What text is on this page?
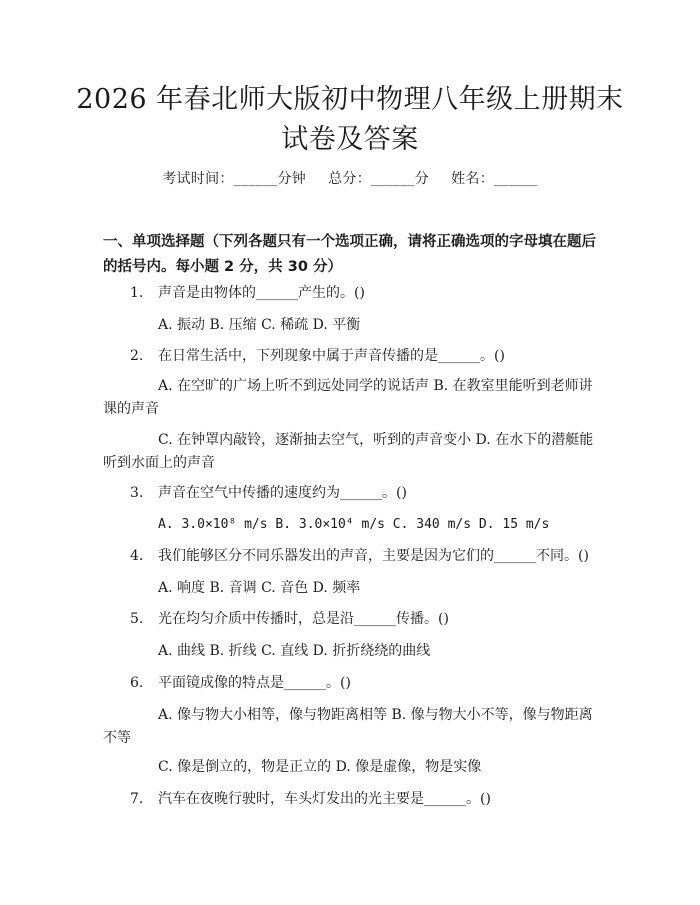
2026 年春北师大版初中物理八年级上册期末
试卷及答案
考试时间：______分钟 总分：______分 姓名：______
一、单项选择题（下列各题只有一个选项正确，请将正确选项的字母填在题后的括号内。每小题 2 分，共 30 分）
1. 声音是由物体的______产生的。()
A. 振动 B. 压缩 C. 稀疏 D. 平衡
2. 在日常生活中，下列现象中属于声音传播的是______。()
A. 在空旷的广场上听不到远处同学的说话声 B. 在教室里能听到老师讲课的声音
C. 在钟罩内敲铃，逐渐抽去空气，听到的声音变小 D. 在水下的潜艇能听到水面上的声音
3. 声音在空气中传播的速度约为______。()
A. 3.0×10⁸ m/s B. 3.0×10⁴ m/s C. 340 m/s D. 15 m/s
4. 我们能够区分不同乐器发出的声音，主要是因为它们的______不同。()
A. 响度 B. 音调 C. 音色 D. 频率
5. 光在均匀介质中传播时，总是沿______传播。()
A. 曲线 B. 折线 C. 直线 D. 折折绕绕的曲线
6. 平面镜成像的特点是______。()
A. 像与物大小相等，像与物距离相等 B. 像与物大小不等，像与物距离不等
C. 像是倒立的，物是正立的 D. 像是虚像，物是实像
7. 汽车在夜晚行驶时，车头灯发出的光主要是______。()
